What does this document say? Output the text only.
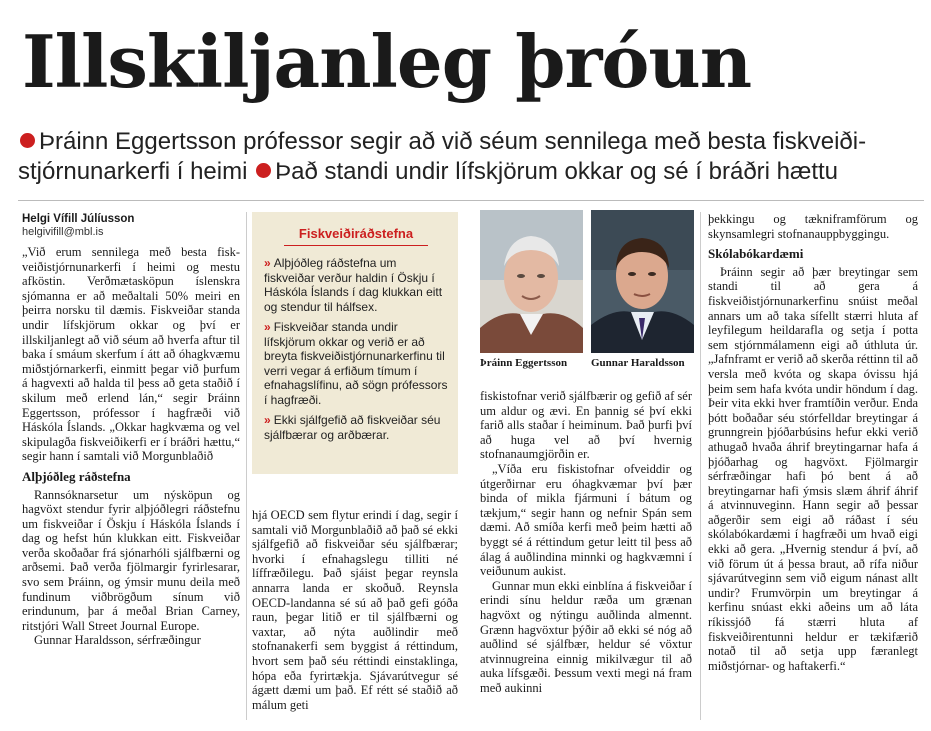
Illskiljanleg þróun

Þráinn Eggertsson prófessor segir að við séum sennilega með besta fiskveiði-stjórnunarkerfi í heimi Það standi undir lífskjörum okkar og sé í bráðri hættu

Helgi Vífill Júlíusson
helgivifill@mbl.is

„Við erum sennilega með besta fisk-veiðistjórnunarkerfi í heimi og mestu afköstin. Verðmætasköpun íslenskra sjómanna er að meðaltali 50% meiri en þeirra norsku til dæmis. Fiskveiðar standa undir lífskjörum okkar og því er illskiljanlegt að við séum að hverfa aftur til baka í smáum skerfum í átt að óhagkvæmu miðstjórnarkerfi, einmitt þegar við þurfum á hagvexti að halda til þess að geta staðið í skilum með erlend lán,“ segir Þráinn Eggertsson, prófessor í hagfræði við Háskóla Íslands. „Okkar hagkvæma og vel skipulagða fiskveiðikerfi er í bráðri hættu,“ segir hann í samtali við Morgunblaðið

Alþjóðleg ráðstefna

Rannsóknarsetur um nýsköpun og hagvöxt stendur fyrir alþjóðlegri ráðstefnu um fiskveiðar í Öskju í Háskóla Íslands í dag og hefst hún klukkan eitt. Fiskveiðar verða skoðaðar frá sjónarhóli sjálfbærni og arðsemi. Það verða fjölmargir fyrirlesarar, svo sem Þráinn, og ýmsir munu deila með fundinum viðbrögðum sínum við erindunum, þar á meðal Brian Carney, ritstjóri Wall Street Journal Europe.

Gunnar Haraldsson, sérfræðingur

Fiskveiðiráðstefna
» Alþjóðleg ráðstefna um fiskveiðar verður haldin í Öskju í Háskóla Íslands í dag klukkan eitt og stendur til hálfsex.
» Fiskveiðar standa undir lífskjörum okkar og verið er að breyta fiskveiðistjórnunarkerfinu til verri vegar á erfiðum tímum í efnahagslífinu, að sögn prófessors í hagfræði.
» Ekki sjálfgefið að fiskveiðar séu sjálfbærar og arðbærar.

hjá OECD sem flytur erindi í dag, segir í samtali við Morgunblaðið að það sé ekki sjálfgefið að fiskveiðar séu sjálfbærar; hvorki í efnahagslegu tilliti né líffræðilegu. Það sjáist þegar reynsla annarra landa er skoðuð. Reynsla OECD-landanna sé sú að það gefi góða raun, þegar litið er til sjálfbærni og vaxtar, að nýta auðlindir með stofnanakerfi sem byggist á réttindum, hvort sem það séu réttindi einstaklinga, hópa eða fyrirtækja. Sjávarútvegur sé ágætt dæmi um það. Ef rétt sé staðið að málum geti

Þráinn Eggertsson	Gunnar Haraldsson

fiskistofnar verið sjálfbærir og gefið af sér um aldur og ævi. En þannig sé því ekki farið alls staðar í heiminum. Það þurfi því að huga vel að því hvernig stofnanaumgjörðin er.

„Víða eru fiskistofnar ofveiddir og útgerðirnar eru óhagkvæmar því þær binda of mikla fjármuni í bátum og tækjum,“ segir hann og nefnir Spán sem dæmi. Að smíða kerfi með þeim hætti að byggt sé á réttindum getur leitt til þess að álag á auðlindina minnki og hagkvæmni í veiðunum aukist.

Gunnar mun ekki einblína á fiskveiðar í erindi sínu heldur ræða um grænan hagvöxt og nýtingu auðlinda almennt. Grænn hagvöxtur þýðir að ekki sé nóg að auðlind sé sjálfbær, heldur sé vöxtur atvinnugreina einnig mikilvægur til að auka lífsgæði. Þessum vexti megi ná fram með aukinni

þekkingu og tækniframförum og skynsamlegri stofnanauppbyggingu.

Skólabókardæmi

Þráinn segir að þær breytingar sem standi til að gera á fiskveiðistjórnunarkerfinu snúist meðal annars um að taka sífellt stærri hluta af leyfilegum heildarafla og setja í potta sem stjórnmálamenn eigi að úthluta úr. „Jafnframt er verið að skerða réttinn til að versla með kvóta og skapa óvissu hjá þeim sem hafa kvóta undir höndum í dag. Þeir vita ekki hver framtíðin verður. Enda þótt boðaðar séu stórfelldar breytingar á grunngrein þjóðarbúsins hefur ekki verið athugað hvaða áhrif breytingarnar hafa á þjóðarhag og hagvöxt. Fjölmargir sérfræðingar hafi þó bent á að breytingarnar hafi ýmsis slæm áhrif áhrif á atvinnuveginn. Hann segir að þessar aðgerðir sem eigi að ráðast í séu skólabókardæmi í hagfræði um hvað eigi ekki að gera. „Hvernig stendur á því, að við förum út á þessa braut, að rífa niður sjávarútveginn sem við eigum nánast allt undir? Frumvörpin um breytingar á kerfinu snúast ekki aðeins um að láta ríkissjóð fá stærri hluta af fiskveiðirentunni heldur er tækifærið notað til að setja upp færanlegt miðstjórnar- og haftakerfi.“
